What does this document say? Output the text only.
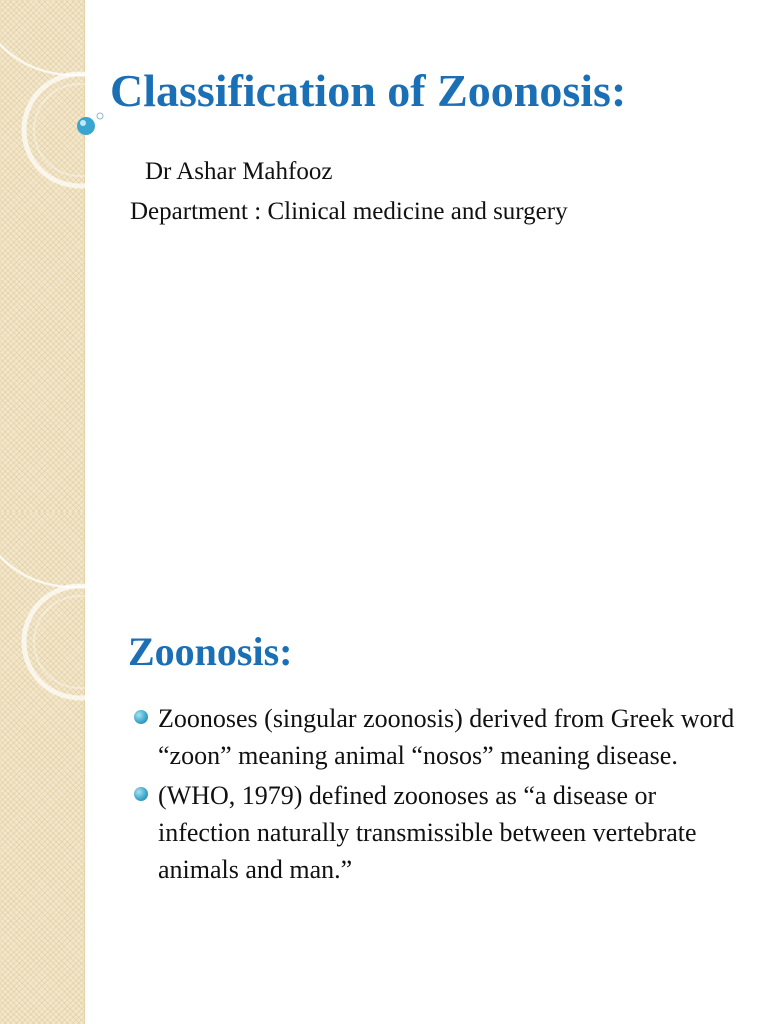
Classification of Zoonosis:
Dr Ashar Mahfooz
Department : Clinical medicine and surgery
Zoonosis:
Zoonoses (singular zoonosis) derived from Greek word “zoon” meaning animal “nosos” meaning disease.
(WHO, 1979) defined zoonoses as “a disease or infection naturally transmissible between vertebrate animals and man.”
